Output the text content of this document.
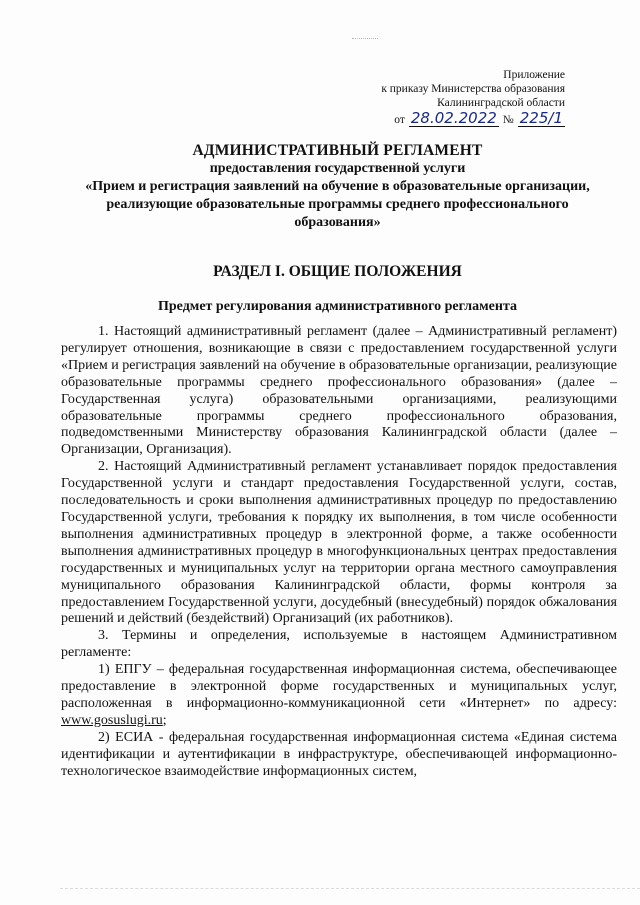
Приложение
к приказу Министерства образования
Калининградской области
от 28.02.2022 № 225/1
АДМИНИСТРАТИВНЫЙ РЕГЛАМЕНТ
предоставления государственной услуги
«Прием и регистрация заявлений на обучение в образовательные организации,
реализующие образовательные программы среднего профессионального
образования»
РАЗДЕЛ I. ОБЩИЕ ПОЛОЖЕНИЯ
Предмет регулирования административного регламента

1. Настоящий административный регламент (далее – Административный регламент) регулирует отношения, возникающие в связи с предоставлением государственной услуги «Прием и регистрация заявлений на обучение в образовательные организации, реализующие образовательные программы среднего профессионального образования» (далее – Государственная услуга) образовательными организациями, реализующими образовательные программы среднего профессионального образования, подведомственными Министерству образования Калининградской области (далее – Организации, Организация).

2. Настоящий Административный регламент устанавливает порядок предоставления Государственной услуги и стандарт предоставления Государственной услуги, состав, последовательность и сроки выполнения административных процедур по предоставлению Государственной услуги, требования к порядку их выполнения, в том числе особенности выполнения административных процедур в электронной форме, а также особенности выполнения административных процедур в многофункциональных центрах предоставления государственных и муниципальных услуг на территории органа местного самоуправления муниципального образования Калининградской области, формы контроля за предоставлением Государственной услуги, досудебный (внесудебный) порядок обжалования решений и действий (бездействий) Организаций (их работников).

3. Термины и определения, используемые в настоящем Административном регламенте:

1) ЕПГУ – федеральная государственная информационная система, обеспечивающее предоставление в электронной форме государственных и муниципальных услуг, расположенная в информационно-коммуникационной сети «Интернет» по адресу: www.gosuslugi.ru;

2) ЕСИА - федеральная государственная информационная система «Единая система идентификации и аутентификации в инфраструктуре, обеспечивающей информационно-технологическое взаимодействие информационных систем,
